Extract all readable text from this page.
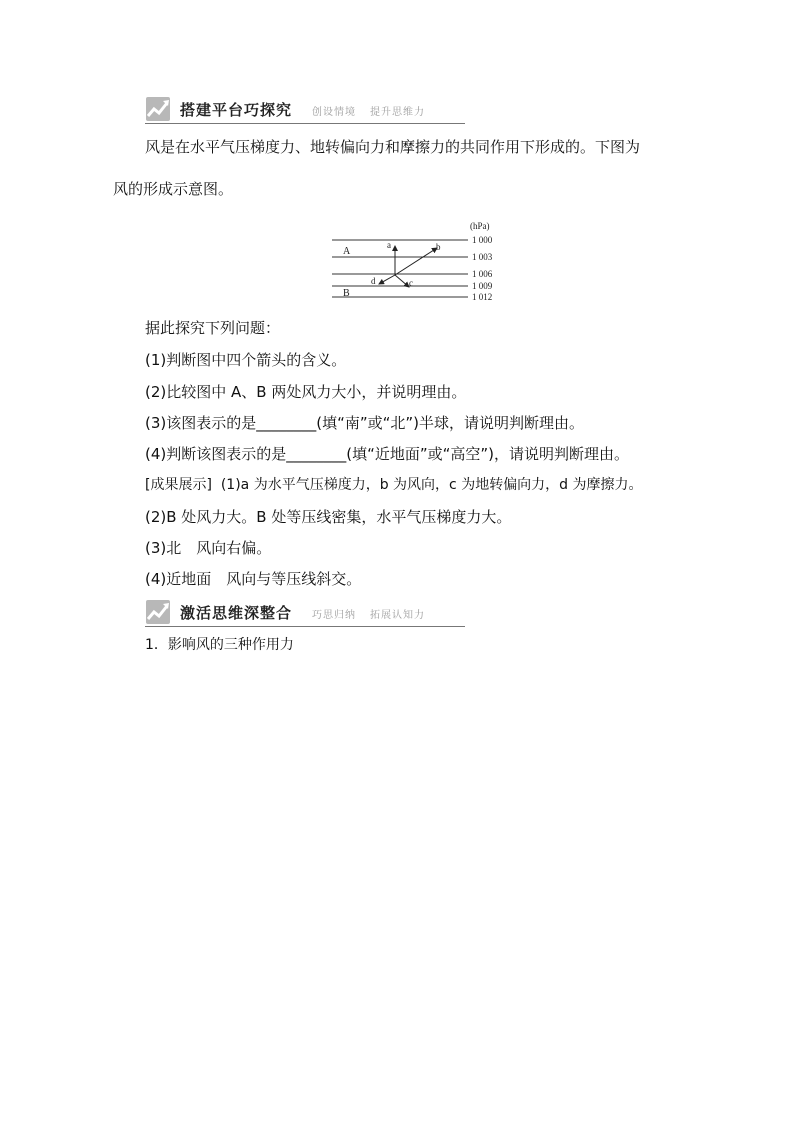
搭建平台巧探究 创设情境 提升思维力
风是在水平气压梯度力、地转偏向力和摩擦力的共同作用下形成的。下图为
风的形成示意图。
(hPa)
1 000
1 003
1 006
1 009
1 012
A
B
a	b
c
d
据此探究下列问题：
(1)判断图中四个箭头的含义。
(2)比较图中 A、B 两处风力大小，并说明理由。
(3)该图表示的是________(填“南”或“北”)半球，请说明判断理由。
(4)判断该图表示的是________(填“近地面”或“高空”)，请说明判断理由。
[成果展示] (1)a 为水平气压梯度力，b 为风向，c 为地转偏向力，d 为摩擦力。
(2)B 处风力大。B 处等压线密集，水平气压梯度力大。
(3)北　风向右偏。
(4)近地面　风向与等压线斜交。
激活思维深整合 巧思归纳 拓展认知力
1．影响风的三种作用力
